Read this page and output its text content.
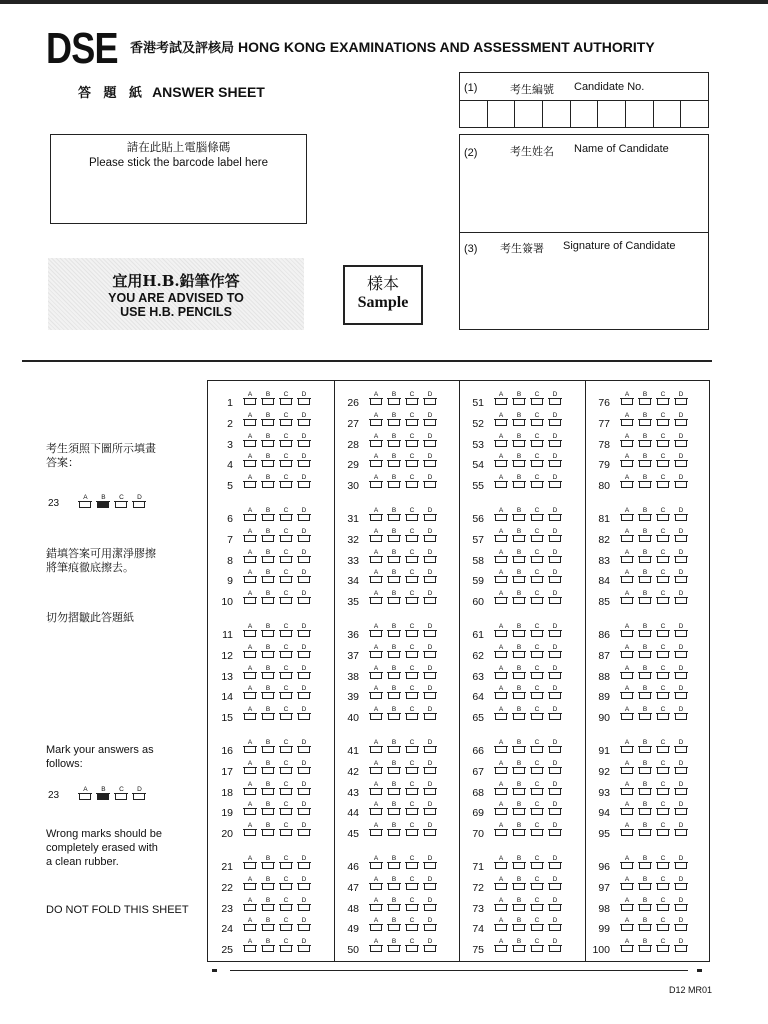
DSE 香港考試及評核局 HONG KONG EXAMINATIONS AND ASSESSMENT AUTHORITY
答 題 紙 ANSWER SHEET
請在此貼上電腦條碼
Please stick the barcode label here
(1)	考生編號 Candidate No.
(2)	考生姓名 Name of Candidate
(3) 考生簽署 Signature of Candidate
宜用H.B.鉛筆作答
YOU ARE ADVISED TO
USE H.B. PENCILS
樣本
Sample
考生須照下圖所示填畫
答案：
23
A	B	C	D
錯填答案可用潔淨膠擦
將筆痕徹底擦去。
切勿摺皺此答題紙
Mark your answers as
follows:
23
A	B	C	D
Wrong marks should be
completely erased with
a clean rubber.
DO NOT FOLD THIS SHEET
1
A	B	C	D
2
A	B	C	D
3
A	B	C	D
4
A	B	C	D
5
A	B	C	D
6
A	B	C	D
7
A	B	C	D
8
A	B	C	D
9
A	B	C	D
10
A	B	C	D
11
A	B	C	D
12
A	B	C	D
13
A	B	C	D
14
A	B	C	D
15
A	B	C	D
16
A	B	C	D
17
A	B	C	D
18
A	B	C	D
19
A	B	C	D
20
A	B	C	D
21
A	B	C	D
22
A	B	C	D
23
A	B	C	D
24
A	B	C	D
25
A	B	C	D
26
A	B	C	D
27
A	B	C	D
28
A	B	C	D
29
A	B	C	D
30
A	B	C	D
31
A	B	C	D
32
A	B	C	D
33
A	B	C	D
34
A	B	C	D
35
A	B	C	D
36
A	B	C	D
37
A	B	C	D
38
A	B	C	D
39
A	B	C	D
40
A	B	C	D
41
A	B	C	D
42
A	B	C	D
43
A	B	C	D
44
A	B	C	D
45
A	B	C	D
46
A	B	C	D
47
A	B	C	D
48
A	B	C	D
49
A	B	C	D
50
A	B	C	D
51
A	B	C	D
52
A	B	C	D
53
A	B	C	D
54
A	B	C	D
55
A	B	C	D
56
A	B	C	D
57
A	B	C	D
58
A	B	C	D
59
A	B	C	D
60
A	B	C	D
61
A	B	C	D
62
A	B	C	D
63
A	B	C	D
64
A	B	C	D
65
A	B	C	D
66
A	B	C	D
67
A	B	C	D
68
A	B	C	D
69
A	B	C	D
70
A	B	C	D
71
A	B	C	D
72
A	B	C	D
73
A	B	C	D
74
A	B	C	D
75
A	B	C	D
76
A	B	C	D
77
A	B	C	D
78
A	B	C	D
79
A	B	C	D
80
A	B	C	D
81
A	B	C	D
82
A	B	C	D
83
A	B	C	D
84
A	B	C	D
85
A	B	C	D
86
A	B	C	D
87
A	B	C	D
88
A	B	C	D
89
A	B	C	D
90
A	B	C	D
91
A	B	C	D
92
A	B	C	D
93
A	B	C	D
94
A	B	C	D
95
A	B	C	D
96
A	B	C	D
97
A	B	C	D
98
A	B	C	D
99
A	B	C	D
100
A	B	C	D
D12 MR01
